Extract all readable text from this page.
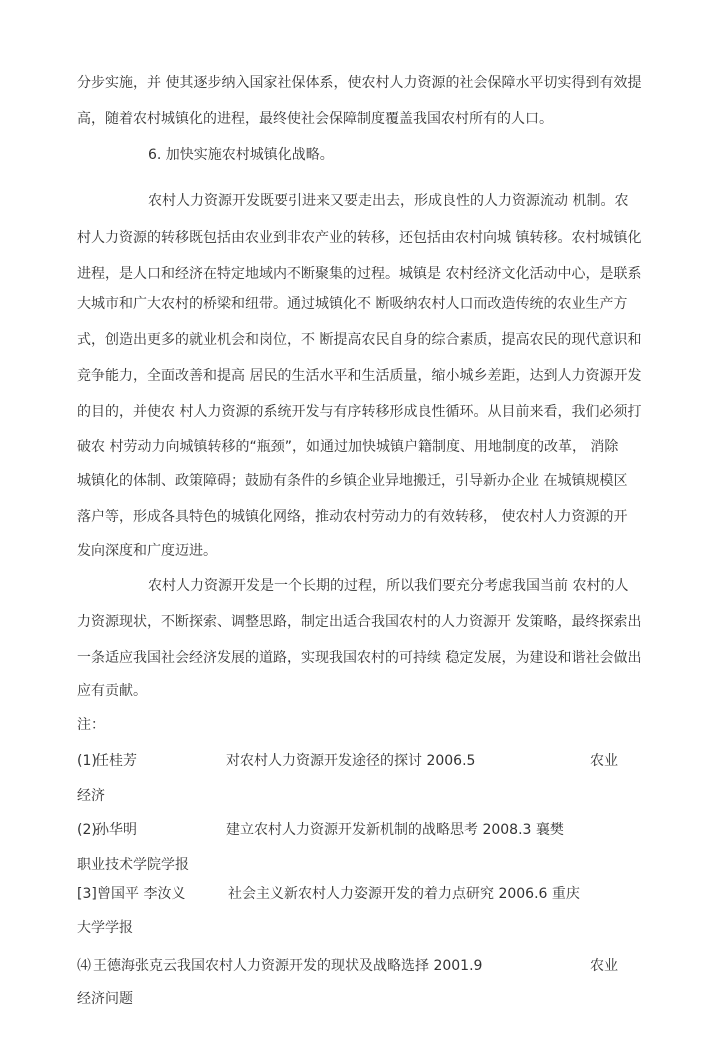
分步实施，并 使其逐步纳入国家社保体系，使农村人力资源的社会保障水平切实得到有效提
高，随着农村城镇化的进程，最终使社会保障制度覆盖我国农村所有的人口。
6. 加快实施农村城镇化战略。
农村人力资源开发既要引进来又要走出去，形成良性的人力资源流动 机制。农
村人力资源的转移既包括由农业到非农产业的转移，还包括由农村向城 镇转移。农村城镇化
进程，是人口和经济在特定地域内不断聚集的过程。城镇是 农村经济文化活动中心，是联系
大城市和广大农村的桥梁和纽带。通过城镇化不 断吸纳农村人口而改造传统的农业生产方
式，创造出更多的就业机会和岗位，不 断提高农民自身的综合素质，提高农民的现代意识和
竞争能力，全面改善和提高 居民的生活水平和生活质量，缩小城乡差距，达到人力资源开发
的目的，并使农 村人力资源的系统开发与有序转移形成良性循环。从目前来看，我们必须打
破农 村劳动力向城镇转移的“瓶颈”，如通过加快城镇户籍制度、用地制度的改革， 消除
城镇化的体制、政策障碍；鼓励有条件的乡镇企业异地搬迁，引导新办企业 在城镇规模区
落户等，形成各具特色的城镇化网络，推动农村劳动力的有效转移， 使农村人力资源的开
发向深度和广度迈进。
农村人力资源开发是一个长期的过程，所以我们要充分考虑我国当前 农村的人
力资源现状，不断探索、调整思路，制定出适合我国农村的人力资源开 发策略，最终探索出
一条适应我国社会经济发展的道路，实现我国农村的可持续 稳定发展，为建设和谐社会做出
应有贡献。
注：
(1)
任桂芳	对农村人力资源开发途径的探讨 2006.5	农业
经济
(2)
孙华明	建立农村人力资源开发新机制的战略思考 2008.3 襄樊
职业技术学院学报
[3] 曾国平 李汝义	社会主义新农村人力姿源开发的着力点研究 2006.6 重庆
大学学报
⑷ 王德海张克云 我国农村人力资源开发的现状及战略选择 2001.9	农业
经济问题
